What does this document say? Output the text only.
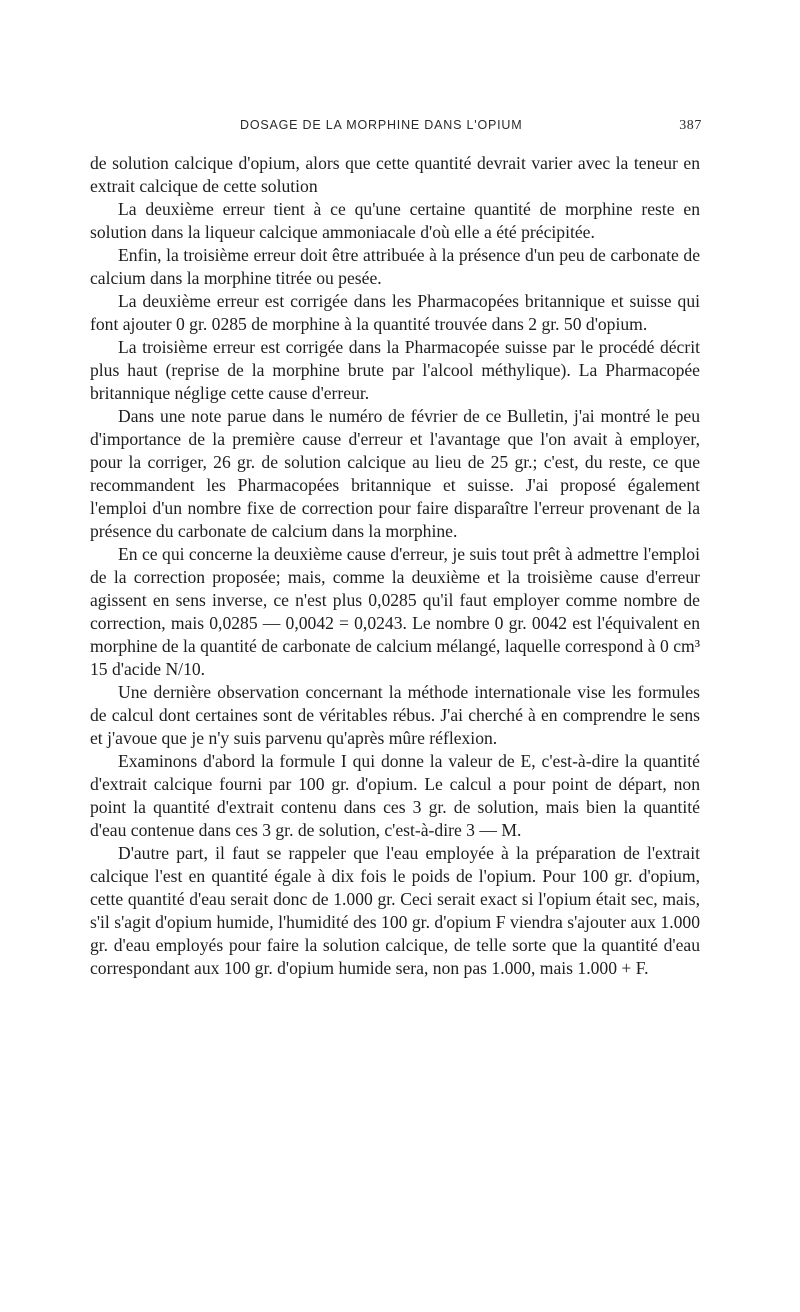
DOSAGE DE LA MORPHINE DANS L'OPIUM	387

de solution calcique d'opium, alors que cette quantité devrait varier avec la teneur en extrait calcique de cette solution

La deuxième erreur tient à ce qu'une certaine quantité de morphine reste en solution dans la liqueur calcique ammoniacale d'où elle a été précipitée.

Enfin, la troisième erreur doit être attribuée à la présence d'un peu de carbonate de calcium dans la morphine titrée ou pesée.

La deuxième erreur est corrigée dans les Pharmacopées britannique et suisse qui font ajouter 0 gr. 0285 de morphine à la quantité trouvée dans 2 gr. 50 d'opium.

La troisième erreur est corrigée dans la Pharmacopée suisse par le procédé décrit plus haut (reprise de la morphine brute par l'alcool méthylique). La Pharmacopée britannique néglige cette cause d'erreur.

Dans une note parue dans le numéro de février de ce Bulletin, j'ai montré le peu d'importance de la première cause d'erreur et l'avantage que l'on avait à employer, pour la corriger, 26 gr. de solution calcique au lieu de 25 gr.; c'est, du reste, ce que recommandent les Pharmacopées britannique et suisse. J'ai proposé également l'emploi d'un nombre fixe de correction pour faire disparaître l'erreur provenant de la présence du carbonate de calcium dans la morphine.

En ce qui concerne la deuxième cause d'erreur, je suis tout prêt à admettre l'emploi de la correction proposée; mais, comme la deuxième et la troisième cause d'erreur agissent en sens inverse, ce n'est plus 0,0285 qu'il faut employer comme nombre de correction, mais 0,0285 — 0,0042 = 0,0243. Le nombre 0 gr. 0042 est l'équivalent en morphine de la quantité de carbonate de calcium mélangé, laquelle correspond à 0 cm³ 15 d'acide N/10.

Une dernière observation concernant la méthode internationale vise les formules de calcul dont certaines sont de véritables rébus. J'ai cherché à en comprendre le sens et j'avoue que je n'y suis parvenu qu'après mûre réflexion.

Examinons d'abord la formule I qui donne la valeur de E, c'est-à-dire la quantité d'extrait calcique fourni par 100 gr. d'opium. Le calcul a pour point de départ, non point la quantité d'extrait contenu dans ces 3 gr. de solution, mais bien la quantité d'eau contenue dans ces 3 gr. de solution, c'est-à-dire 3 — M.

D'autre part, il faut se rappeler que l'eau employée à la préparation de l'extrait calcique l'est en quantité égale à dix fois le poids de l'opium. Pour 100 gr. d'opium, cette quantité d'eau serait donc de 1.000 gr. Ceci serait exact si l'opium était sec, mais, s'il s'agit d'opium humide, l'humidité des 100 gr. d'opium F viendra s'ajouter aux 1.000 gr. d'eau employés pour faire la solution calcique, de telle sorte que la quantité d'eau correspondant aux 100 gr. d'opium humide sera, non pas 1.000, mais 1.000 + F.
